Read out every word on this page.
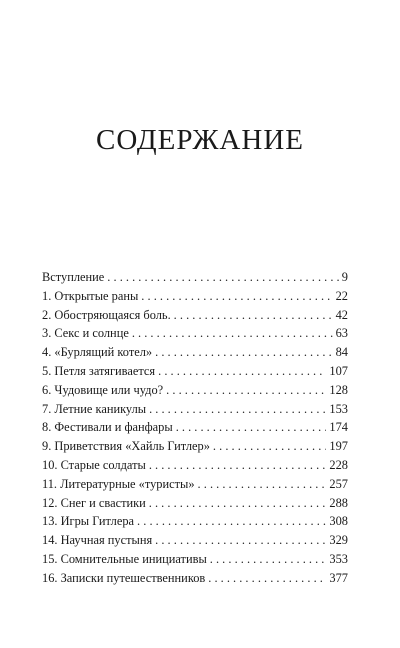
СОДЕРЖАНИЕ
Вступление . . .	9
1. Открытые раны . . .	22
2. Обостряющаяся боль. . . .	42
3. Секс и солнце . . .	63
4. «Бурлящий котел» . . .	84
5. Петля затягивается . . .	107
6. Чудовище или чудо? . . .	128
7. Летние каникулы . . .	153
8. Фестивали и фанфары . . .	174
9. Приветствия «Хайль Гитлер» . . .	197
10. Старые солдаты . . .	228
11. Литературные «туристы» . . .	257
12. Снег и свастики . . .	288
13. Игры Гитлера . . .	308
14. Научная пустыня . . .	329
15. Сомнительные инициативы . . .	353
16. Записки путешественников . . .	377
